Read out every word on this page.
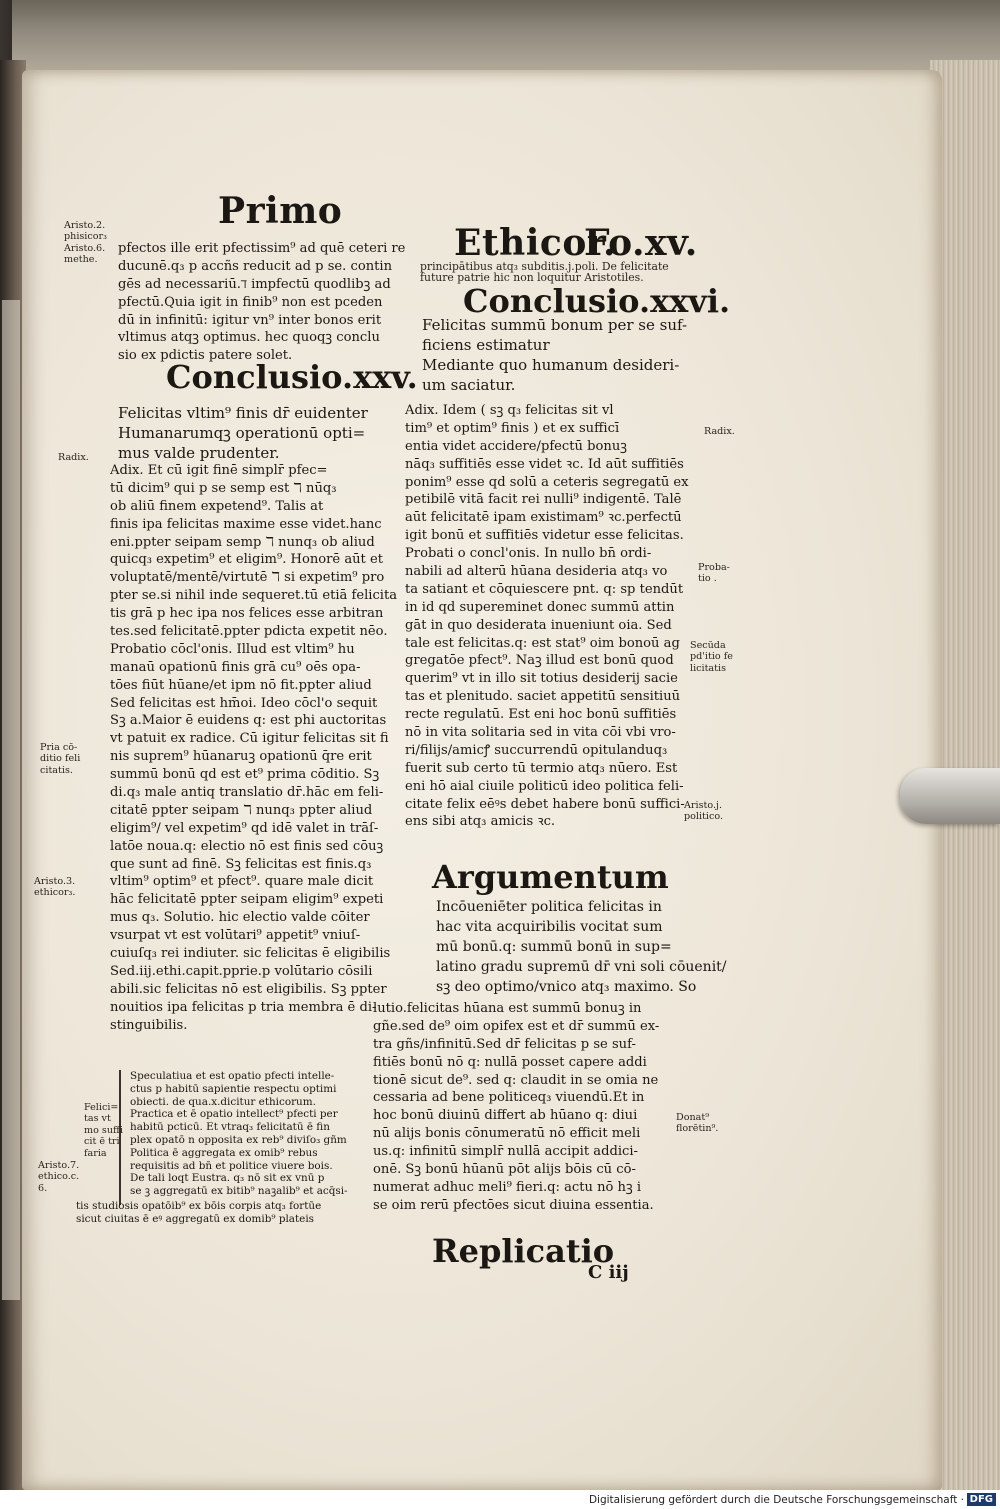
Primo
Ethicor.
Fo.xv.
pfectos ille erit pfectissim⁹ ad quē ceteri re
ducunē.q₃ p accñs reducit ad p se. contin
gēs ad necessariū.ℸ impfectū quodlibꝫ ad
pfectū.Quia igit in finib⁹ non est pceden
dū in infinitū: igitur vn⁹ inter bonos erit
vltimus atqꝫ optimus. hec quoqꝫ conclu
sio ex pdictis patere solet.
Conclusio.xxv.
Felicitas vltim⁹ finis dr̄ euidenter
Humanarumqꝫ operationū opti=
mus valde prudenter.
Adix. Et cū igit finē simplr̄ pfec=
tū dicim⁹ qui p se semp est ℸ nūq₃
ob aliū finem expetend⁹. Talis at
finis ipa felicitas maxime esse videt.hanc
eni.ppter seipam semp ℸ nunq₃ ob aliud
quicq₃ expetim⁹ et eligim⁹. Honorē aūt et
voluptatē/mentē/virtutē ℸ si expetim⁹ pro
pter se.si nihil inde sequeret.tū etiā felicita
tis grā p hec ipa nos felices esse arbitran
tes.sed felicitatē.ppter pdicta expetit nēo.
Probatio cōcl'onis. Illud est vltim⁹ hu
manaū opationū finis grā cu⁹ oēs opa-
tōes fiūt hūane/et ipm nō fit.ppter aliud
Sed felicitas est hm̄oi. Ideo cōcl'o sequit
Sꝫ a.Maior ē euidens q: est phi auctoritas
vt patuit ex radice. Cū igitur felicitas sit fi
nis suprem⁹ hūanaruꝫ opationū q̄re erit
summū bonū qd est et⁹ prima cōditio. Sꝫ
di.q₃ male antiq translatio dr̄.hāc em feli-
citatē ppter seipam ℸ nunq₃ ppter aliud
eligim⁹/ vel expetim⁹ qd idē valet in trāſ-
latōe noua.q: electio nō est finis sed cōuꝫ
que sunt ad finē. Sꝫ felicitas est finis.q₃
vltim⁹ optim⁹ et pfect⁹. quare male dicit
hāc felicitatē ppter seipam eligim⁹ expeti
mus q₃. Solutio. hic electio valde cōiter
vsurpat vt est volūtari⁹ appetit⁹ vniuſ-
cuiuſq₃ rei indiuter. sic felicitas ē eligibilis
Sed.iij.ethi.capit.pprie.p volūtario cōsili
abili.sic felicitas nō est eligibilis. Sꝫ ppter
nouitios ipa felicitas p tria membra ē di-
stinguibilis.
Speculatiua et est opatio pfecti intelle-
ctus p habitū sapientie respectu optimi
obiecti. de qua.x.dicitur ethicorum.
Practica et ē opatio intellect⁹ pfecti per
habitū pcticū. Et vtraq₃ felicitatū ē fin
plex opatō n opposita ex reb⁹ diviſo₃ gñm
Politica ē aggregata ex omib⁹ rebus
requisitis ad bn̄ et politice viuere bois.
De tali loqt Eustra. q₃ nō sit ex vnū p
se ꝫ aggregatū ex bitib⁹ naꝫalib⁹ et acq̄si-
tis studiosis opatōib⁹ ex bōis corpis atq₃ fortūe
sicut ciuitas ē eꝰ aggregatū ex domib⁹ plateis
Aristo.2.
phisicor₃
Aristo.6.
methe.
Radix.
Pria cō-
ditio feli
citatis.
Aristo.3.
ethicor₃.
Felici=
tas vt
mo suffi
cit ē tri
faria
Aristo.7.
ethico.c.
6.
principātibus atq₃ subditis.j.poli. De felicitate
future patrie hic non loquitur Aristotiles.
Conclusio.xxvi.
Felicitas summū bonum per se suf-
ficiens estimatur
Mediante quo humanum desideri-
um saciatur.
Adix. Idem ( sꝫ q₃ felicitas sit vl
tim⁹ et optim⁹ finis ) et ex sufficī
entia videt accidere/pfectū bonuꝫ
nāq₃ suffitiēs esse videt ꝛc. Id aūt suffitiēs
ponim⁹ esse qd solū a ceteris segregatū ex
petibilē vitā facit rei nulli⁹ indigentē. Talē
aūt felicitatē ipam existimam⁹ ꝛc.perfectū
igit bonū et suffitiēs videtur esse felicitas.
Probati o concl'onis. In nullo bn̄ ordi-
nabili ad alterū hūana desideria atq₃ vo
ta satiant et cōquiescere pnt. q: sp tendūt
in id qd supereminet donec summū attin
gāt in quo desiderata inueniunt oia. Sed
tale est felicitas.q: est stat⁹ oim bonoū ag
gregatōe pfect⁹. Naꝫ illud est bonū quod
querim⁹ vt in illo sit totius desiderij sacie
tas et plenitudo. saciet appetitū sensitiuū
recte regulatū. Est eni hoc bonū suffitiēs
nō in vita solitaria sed in vita cōi vbi vro-
ri/filijs/amicꝭ succurrendū opitulanduq₃
fuerit sub certo tū termio atq₃ nūero. Est
eni hō aial ciuile politicū ideo politica feli-
citate felix eēꝰs debet habere bonū suffici-
ens sibi atq₃ amicis ꝛc.
Argumentum
Incōueniēter politica felicitas in
hac vita acquiribilis vocitat sum
mū bonū.q: summū bonū in sup=
latino gradu supremū dr̄ vni soli cōuenit/
sꝫ deo optimo/vnico atq₃ maximo. So
lutio.felicitas hūana est summū bonuꝫ in
gñe.sed de⁹ oim opifex est et dr̄ summū ex-
tra gñs/infinitū.Sed dr̄ felicitas p se suf-
fitiēs bonū nō q: nullā posset capere addi
tionē sicut de⁹. sed q: claudit in se omia ne
cessaria ad bene politiceq₃ viuendū.Et in
hoc bonū diuinū differt ab hūano q: diui
nū alijs bonis cōnumeratū nō efficit meli
us.q: infinitū simplr̄ nullā accipit addici-
onē. Sꝫ bonū hūanū pōt alijs bōis cū cō-
numerat adhuc meli⁹ fieri.q: actu nō hꝫ i
se oim rerū pfectōes sicut diuina essentia.
Replicatio
C iij
Radix.
Proba-
tio .
Secūda
pd'itio fe
licitatis
Aristo.j.
politico.
Donat⁹
florētin⁹.
Digitalisierung gefördert durch die Deutsche Forschungsgemeinschaft · DFG
